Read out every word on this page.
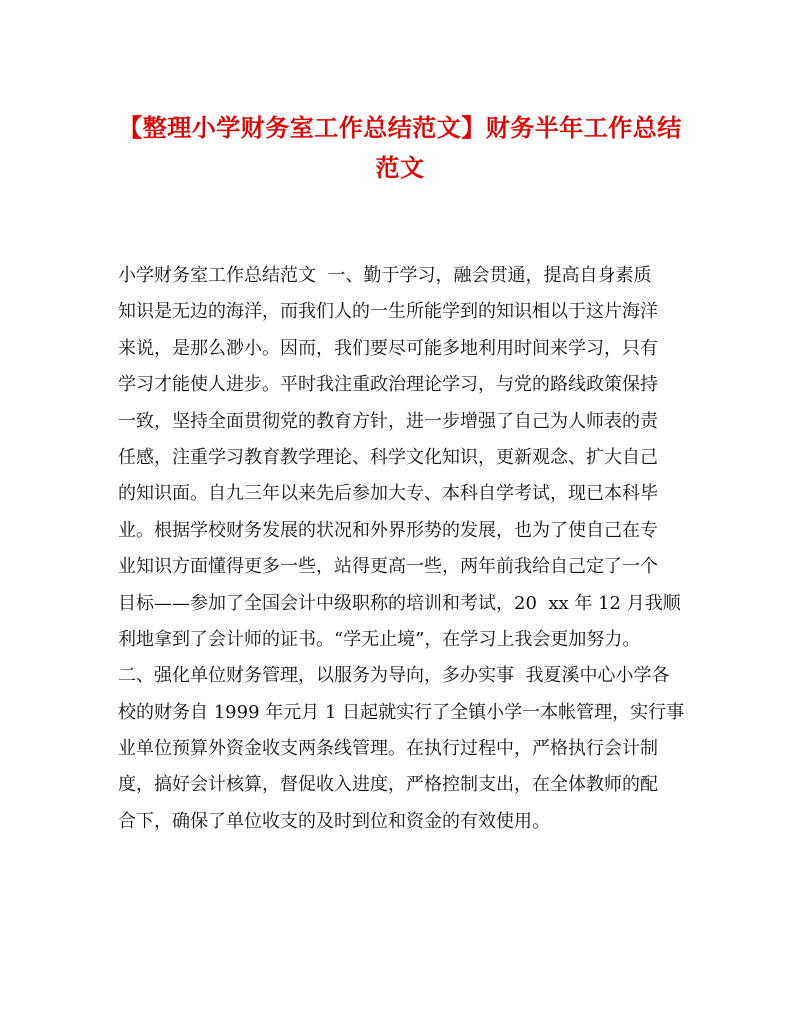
【整理小学财务室工作总结范文】财务半年工作总结
范文
小学财务室工作总结范文  一、勤于学习，融会贯通，提高自身素质
知识是无边的海洋，而我们人的一生所能学到的知识相以于这片海洋
来说，是那么渺小。因而，我们要尽可能多地利用时间来学习，只有
学习才能使人进步。平时我注重政治理论学习，与党的路线政策保持
一致，坚持全面贯彻党的教育方针，进一步增强了自己为人师表的责
任感，注重学习教育教学理论、科学文化知识，更新观念、扩大自己
的知识面。自九三年以来先后参加大专、本科自学考试，现已本科毕
业。根据学校财务发展的状况和外界形势的发展，也为了使自己在专
业知识方面懂得更多一些，站得更高一些，两年前我给自己定了一个
目标——参加了全国会计中级职称的培训和考试，20  xx 年 12 月我顺
利地拿到了会计师的证书。“学无止境”，在学习上我会更加努力。
二、强化单位财务管理，以服务为导向，多办实事  我夏溪中心小学各
校的财务自 1999 年元月 1 日起就实行了全镇小学一本帐管理，实行事
业单位预算外资金收支两条线管理。在执行过程中，严格执行会计制
度，搞好会计核算，督促收入进度，严格控制支出，在全体教师的配
合下，确保了单位收支的及时到位和资金的有效使用。
